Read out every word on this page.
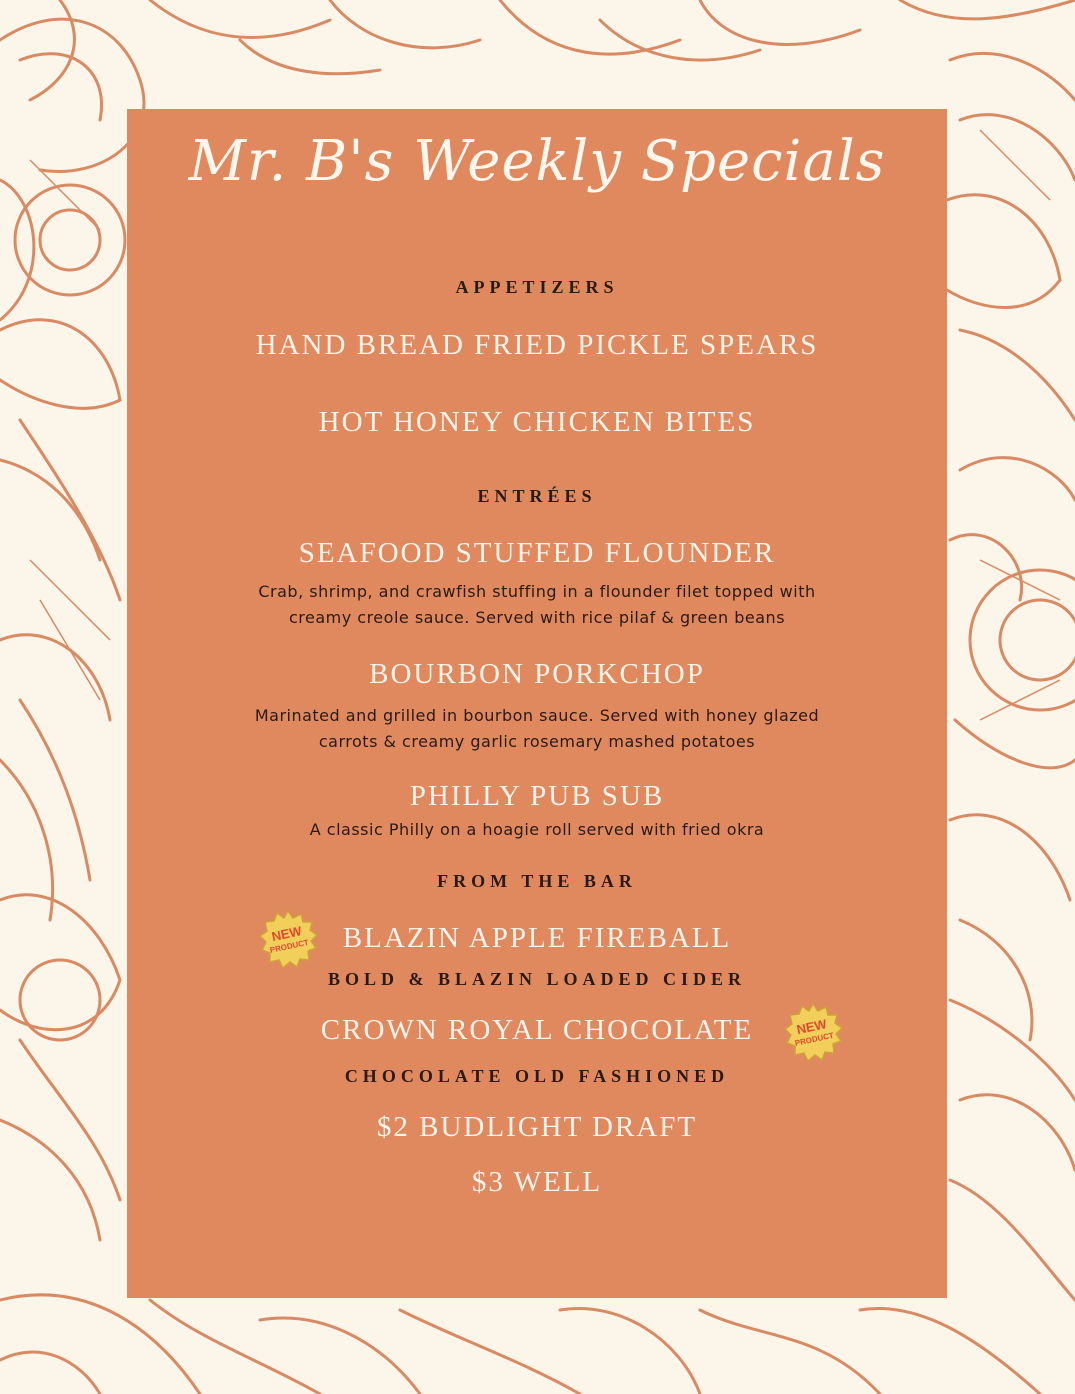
Mr. B's Weekly Specials
APPETIZERS
HAND BREAD FRIED PICKLE SPEARS
HOT HONEY CHICKEN BITES
ENTRÉES
SEAFOOD STUFFED FLOUNDER
Crab, shrimp, and crawfish stuffing in a flounder filet topped with
creamy creole sauce. Served with rice pilaf & green beans
BOURBON PORKCHOP
Marinated and grilled in bourbon sauce. Served with honey glazed
carrots & creamy garlic rosemary mashed potatoes
PHILLY PUB SUB
A classic Philly on a hoagie roll served with fried okra
FROM THE BAR
BLAZIN APPLE FIREBALL
BOLD & BLAZIN LOADED CIDER
CROWN ROYAL CHOCOLATE
CHOCOLATE OLD FASHIONED
$2 BUDLIGHT DRAFT
$3 WELL
NEW
PRODUCT
NEW
PRODUCT
